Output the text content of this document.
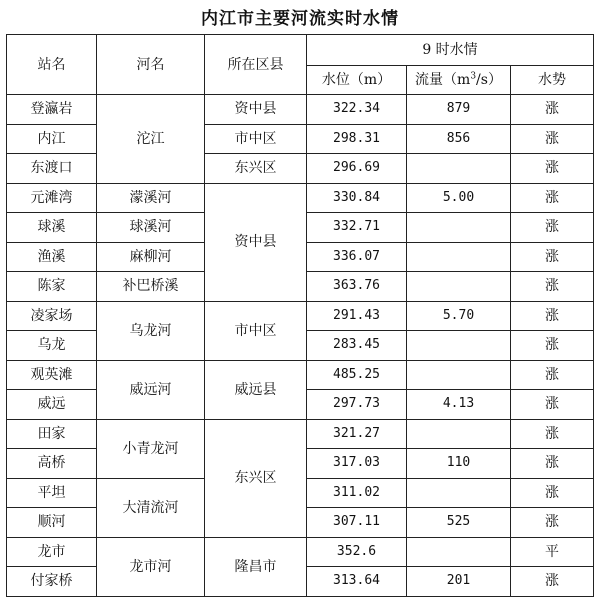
内江市主要河流实时水情
站名	河名	所在区县	9 时水情		
			水位（m）	流量$(m^3/s)$	水势
登瀛岩	沱江	资中县	322.34	879	涨
内江		市中区	298.31	856	涨
东渡口		东兴区	296.69		涨
元滩湾	濛溪河	资中县	330.84	5.00	涨
球溪	球溪河		332.71		涨
渔溪	麻柳河		336.07		涨
陈家	补巴桥溪		363.76		涨
凌家场	乌龙河	市中区	291.43	5.70	涨
乌龙			283.45		涨
观英滩	威远河	威远县	485.25		涨
威远			297.73	4.13	涨
田家	小青龙河	东兴区	321.27		涨
高桥			317.03	110	涨
平坦	大清流河		311.02		涨
顺河			307.11	525	涨
龙市	龙市河	隆昌市	352.6		平
付家桥			313.64	201	涨
